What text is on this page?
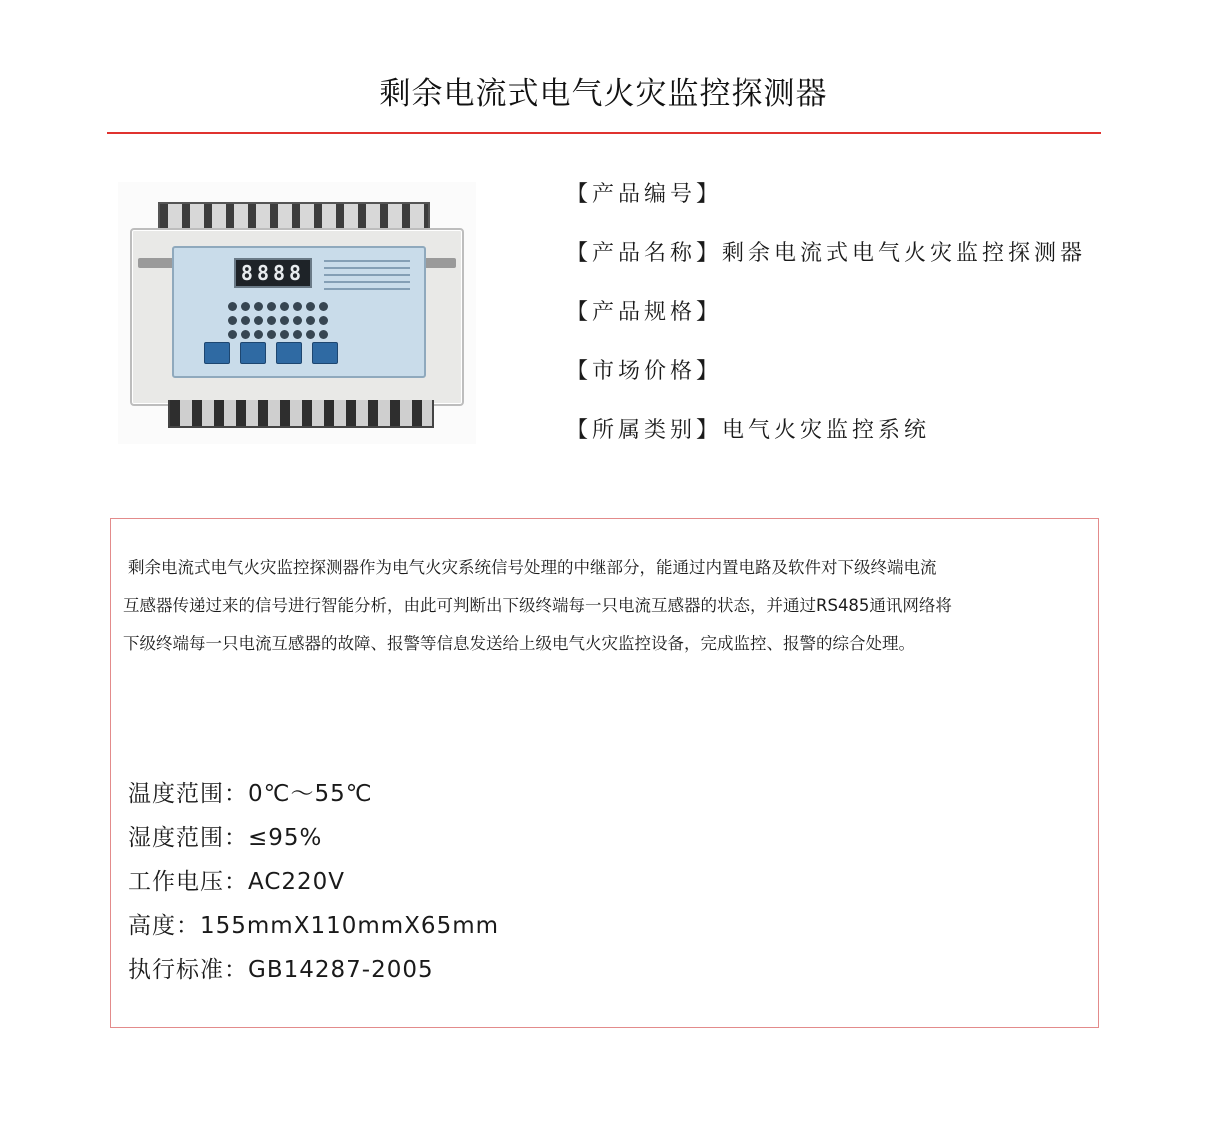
剩余电流式电气火灾监控探测器
8888
【产品编号】
【产品名称】剩余电流式电气火灾监控探测器
【产品规格】
【市场价格】
【所属类别】电气火灾监控系统
剩余电流式电气火灾监控探测器作为电气火灾系统信号处理的中继部分，能通过内置电路及软件对下级终端电流
互感器传递过来的信号进行智能分析，由此可判断出下级终端每一只电流互感器的状态，并通过RS485通讯网络将
下级终端每一只电流互感器的故障、报警等信息发送给上级电气火灾监控设备，完成监控、报警的综合处理。
温度范围：0℃～55℃
湿度范围：≤95%
工作电压：AC220V
高度：155mmX110mmX65mm
执行标准：GB14287-2005
